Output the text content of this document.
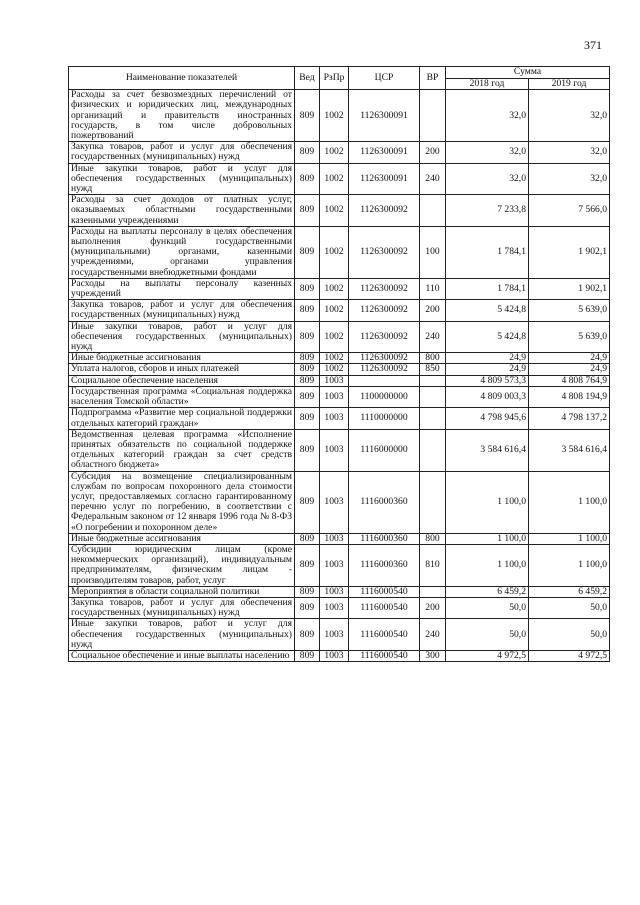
371
Наименование показателей	Вед	РзПр	ЦСР	ВР	Сумма	
					2018 год	2019 год
Расходы за счет безвозмездных перечислений от физических и юридических лиц, международных организаций и правительств иностранных государств, в том числе добровольных пожертвований	809	1002	1126300091		32,0	32,0
Закупка товаров, работ и услуг для обеспечения государственных (муниципальных) нужд	809	1002	1126300091	200	32,0	32,0
Иные закупки товаров, работ и услуг для обеспечения государственных (муниципальных) нужд	809	1002	1126300091	240	32,0	32,0
Расходы за счет доходов от платных услуг, оказываемых областными государственными казенными учреждениями	809	1002	1126300092		7 233,8	7 566,0
Расходы на выплаты персоналу в целях обеспечения выполнения функций государственными (муниципальными) органами, казенными учреждениями, органами управления государственными внебюджетными фондами	809	1002	1126300092	100	1 784,1	1 902,1
Расходы на выплаты персоналу казенных учреждений	809	1002	1126300092	110	1 784,1	1 902,1
Закупка товаров, работ и услуг для обеспечения государственных (муниципальных) нужд	809	1002	1126300092	200	5 424,8	5 639,0
Иные закупки товаров, работ и услуг для обеспечения государственных (муниципальных) нужд	809	1002	1126300092	240	5 424,8	5 639,0
Иные бюджетные ассигнования	809	1002	1126300092	800	24,9	24,9
Уплата налогов, сборов и иных платежей	809	1002	1126300092	850	24,9	24,9
Социальное обеспечение населения	809	1003			4 809 573,3	4 808 764,9
Государственная программа «Социальная поддержка населения Томской области»	809	1003	1100000000		4 809 003,3	4 808 194,9
Подпрограмма «Развитие мер социальной поддержки отдельных категорий граждан»	809	1003	1110000000		4 798 945,6	4 798 137,2
Ведомственная целевая программа «Исполнение принятых обязательств по социальной поддержке отдельных категорий граждан за счет средств областного бюджета»	809	1003	1116000000		3 584 616,4	3 584 616,4
Субсидия на возмещение специализированным службам по вопросам похоронного дела стоимости услуг, предоставляемых согласно гарантированному перечню услуг по погребению, в соответствии с Федеральным законом от 12 января 1996 года № 8-ФЗ «О погребении и похоронном деле»	809	1003	1116000360		1 100,0	1 100,0
Иные бюджетные ассигнования	809	1003	1116000360	800	1 100,0	1 100,0
Субсидии юридическим лицам (кроме некоммерческих организаций), индивидуальным предпринимателям, физическим лицам - производителям товаров, работ, услуг	809	1003	1116000360	810	1 100,0	1 100,0
Мероприятия в области социальной политики	809	1003	1116000540		6 459,2	6 459,2
Закупка товаров, работ и услуг для обеспечения государственных (муниципальных) нужд	809	1003	1116000540	200	50,0	50,0
Иные закупки товаров, работ и услуг для обеспечения государственных (муниципальных) нужд	809	1003	1116000540	240	50,0	50,0
Социальное обеспечение и иные выплаты населению	809	1003	1116000540	300	4 972,5	4 972,5
